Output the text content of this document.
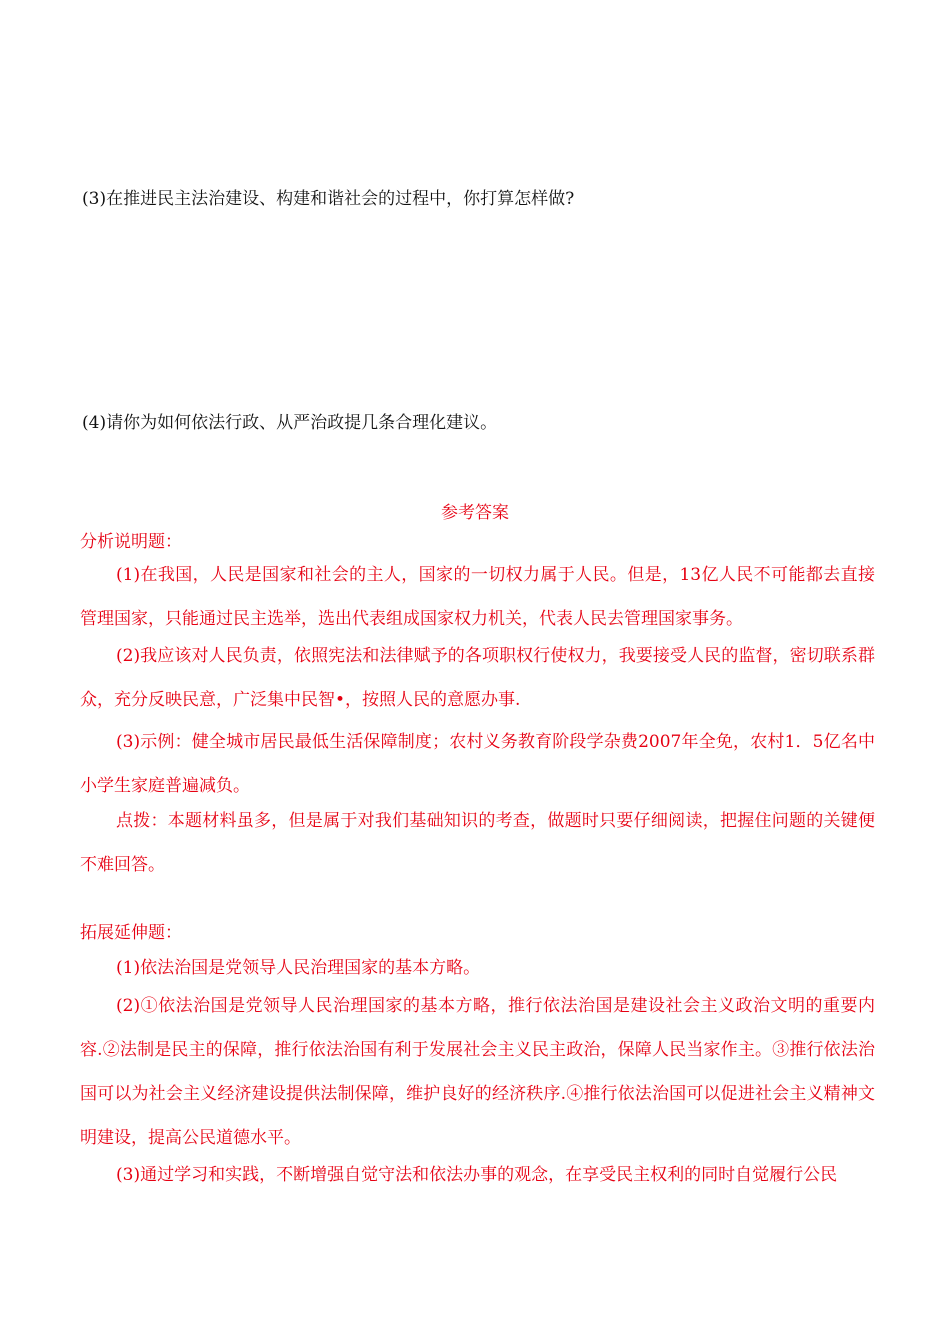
(3)在推进民主法治建设、构建和谐社会的过程中，你打算怎样做?
(4)请你为如何依法行政、从严治政提几条合理化建议。
参考答案
分析说明题：
(1)在我国，人民是国家和社会的主人，国家的一切权力属于人民。但是，13亿人民不可能都去直接管理国家，只能通过民主选举，选出代表组成国家权力机关，代表人民去管理国家事务。
(2)我应该对人民负责，依照宪法和法律赋予的各项职权行使权力，我要接受人民的监督，密切联系群众，充分反映民意，广泛集中民智•，按照人民的意愿办事.
(3)示例：健全城市居民最低生活保障制度；农村义务教育阶段学杂费2007年全免，农村1．5亿名中小学生家庭普遍减负。
点拨：本题材料虽多，但是属于对我们基础知识的考查，做题时只要仔细阅读，把握住问题的关键便不难回答。
拓展延伸题：
(1)依法治国是党领导人民治理国家的基本方略。
(2)①依法治国是党领导人民治理国家的基本方略，推行依法治国是建设社会主义政治文明的重要内容.②法制是民主的保障，推行依法治国有利于发展社会主义民主政治，保障人民当家作主。③推行依法治国可以为社会主义经济建设提供法制保障，维护良好的经济秩序.④推行依法治国可以促进社会主义精神文明建设，提高公民道德水平。
(3)通过学习和实践，不断增强自觉守法和依法办事的观念，在享受民主权利的同时自觉履行公民
